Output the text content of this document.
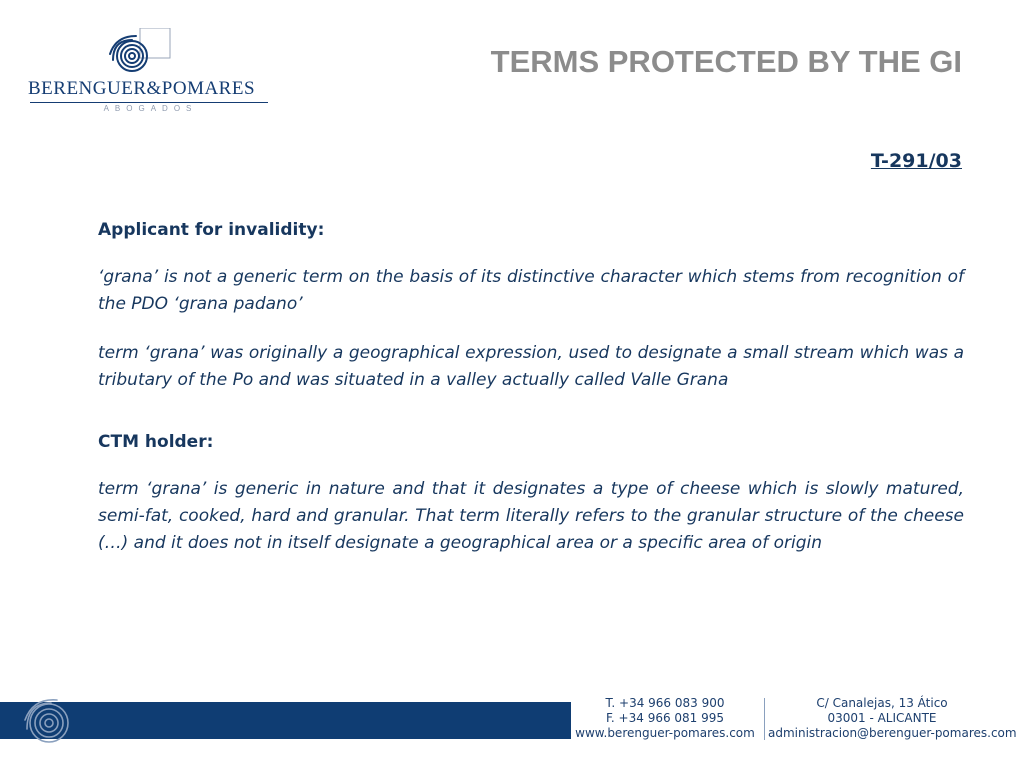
BERENGUER&POMARES
ABOGADOS
TERMS PROTECTED BY THE GI
T-291/03
Applicant for invalidity:

‘grana’ is not a generic term on the basis of its distinctive character which stems from recognition of the PDO ‘grana padano’

term ‘grana’ was originally a geographical expression, used to designate a small stream which was a tributary of the Po and was situated in a valley actually called Valle Grana

CTM holder:

term ‘grana’ is generic in nature and that it designates a type of cheese which is slowly matured, semi-fat, cooked, hard and granular. That term literally refers to the granular structure of the cheese (…) and it does not in itself designate a geographical area or a specific area of origin

T. +34 966 083 900
F. +34 966 081 995
www.berenguer-pomares.com
C/ Canalejas, 13 Ático
03001 - ALICANTE
administracion@berenguer-pomares.com
